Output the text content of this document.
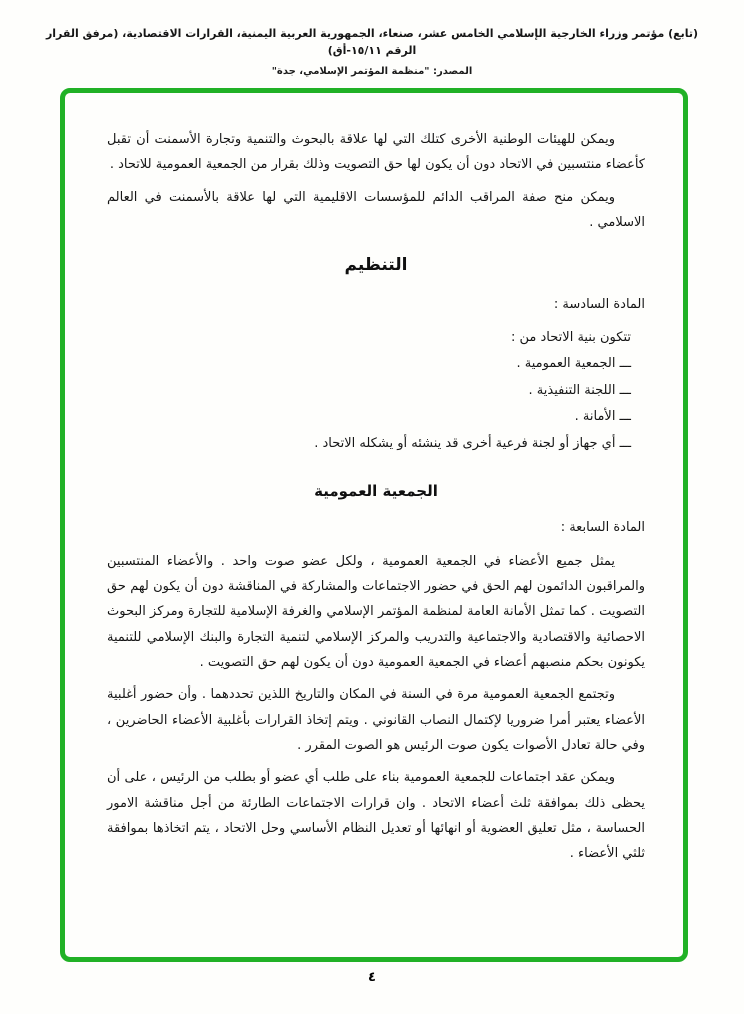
(تابع) مؤتمر وزراء الخارجية الإسلامي الخامس عشر، صنعاء، الجمهورية العربية اليمنية، القرارات الاقتصادية، (مرفق القرار الرقم ١٥/١١-أق)
المصدر: "منظمة المؤتمر الإسلامي، جدة"

ويمكن للهيئات الوطنية الأخرى كتلك التي لها علاقة بالبحوث والتنمية وتجارة الأسمنت أن تقبل كأعضاء منتسبين في الاتحاد دون أن يكون لها حق التصويت وذلك بقرار من الجمعية العمومية للاتحاد .

ويمكن منح صفة المراقب الدائم للمؤسسات الاقليمية التي لها علاقة بالأسمنت في العالم الاسلامي .

التنظيم
المادة السادسة :
تتكون بنية الاتحاد من :
ـــ الجمعية العمومية .
ـــ اللجنة التنفيذية .
ـــ الأمانة .
ـــ أي جهاز أو لجنة فرعية أخرى قد ينشئه أو يشكله الاتحاد .
الجمعية العمومية
المادة السابعة :

يمثل جميع الأعضاء في الجمعية العمومية ، ولكل عضو صوت واحد . والأعضاء المنتسبين والمراقبون الدائمون لهم الحق في حضور الاجتماعات والمشاركة في المناقشة دون أن يكون لهم حق التصويت . كما تمثل الأمانة العامة لمنظمة المؤتمر الإسلامي والغرفة الإسلامية للتجارة ومركز البحوث الاحصائية والاقتصادية والاجتماعية والتدريب والمركز الإسلامي لتنمية التجارة والبنك الإسلامي للتنمية يكونون بحكم منصبهم أعضاء في الجمعية العمومية دون أن يكون لهم حق التصويت .

وتجتمع الجمعية العمومية مرة في السنة في المكان والتاريخ اللذين تحددهما . وأن حضور أغلبية الأعضاء يعتبر أمرا ضروريا لإكتمال النصاب القانوني . ويتم إتخاذ القرارات بأغلبية الأعضاء الحاضرين ، وفي حالة تعادل الأصوات يكون صوت الرئيس هو الصوت المقرر .

ويمكن عقد اجتماعات للجمعية العمومية بناء على طلب أي عضو أو بطلب من الرئيس ، على أن يحظى ذلك بموافقة ثلث أعضاء الاتحاد . وان قرارات الاجتماعات الطارئة من أجل مناقشة الامور الحساسة ، مثل تعليق العضوية أو انهائها أو تعديل النظام الأساسي وحل الاتحاد ، يتم اتخاذها بموافقة ثلثي الأعضاء .

٤
